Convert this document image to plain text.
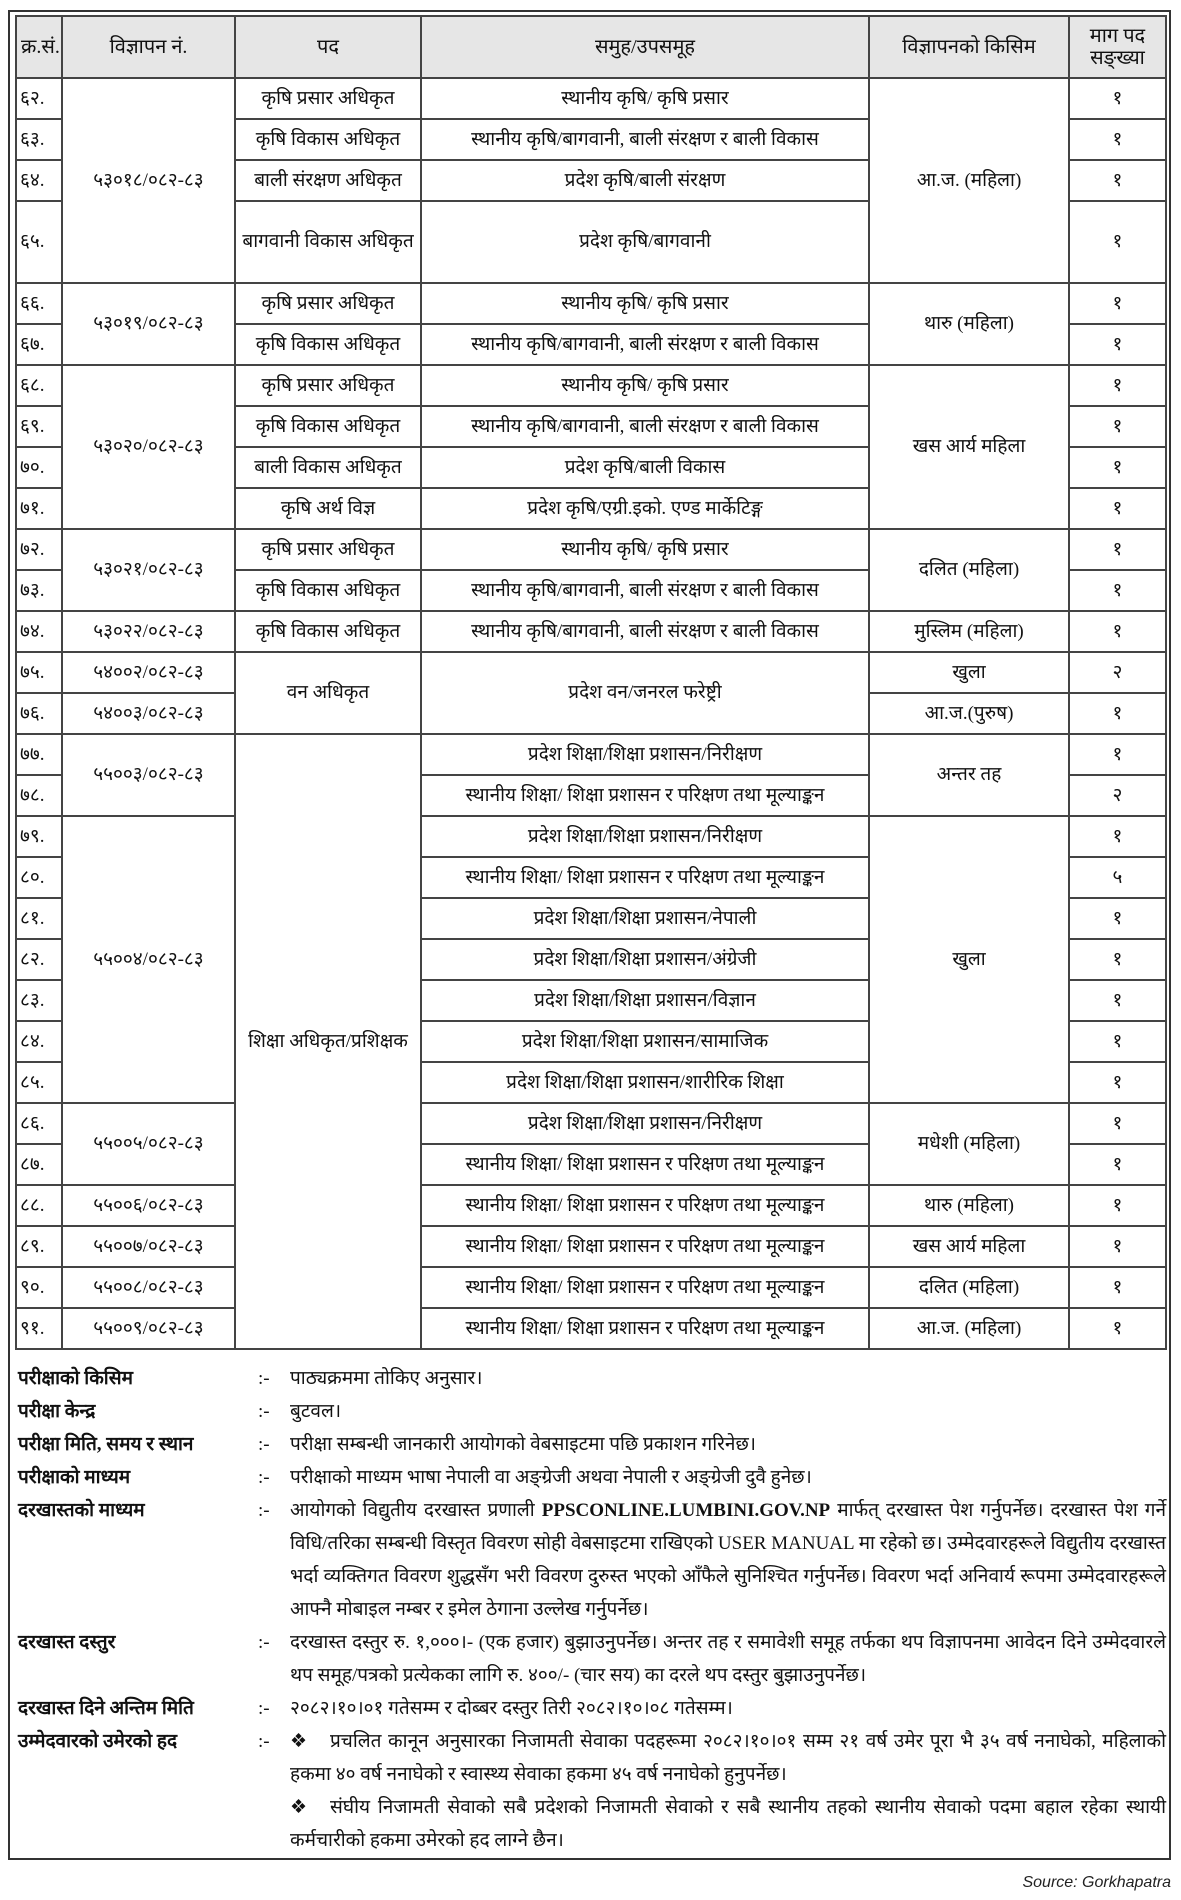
क्र.सं.	विज्ञापन नं.	पद	समुह/उपसमूह	विज्ञापनको किसिम	माग पद सङ्ख्या
६२.	५३०१८/०८२-८३	कृषि प्रसार अधिकृत	स्थानीय कृषि/ कृषि प्रसार	आ.ज. (महिला)	१
६३.		कृषि विकास अधिकृत	स्थानीय कृषि/बागवानी, बाली संरक्षण र बाली विकास		१
६४.		बाली संरक्षण अधिकृत	प्रदेश कृषि/बाली संरक्षण		१
६५.		बागवानी विकास अधिकृत	प्रदेश कृषि/बागवानी		१
६६.	५३०१९/०८२-८३	कृषि प्रसार अधिकृत	स्थानीय कृषि/ कृषि प्रसार	थारु (महिला)	१
६७.		कृषि विकास अधिकृत	स्थानीय कृषि/बागवानी, बाली संरक्षण र बाली विकास		१
६८.	५३०२०/०८२-८३	कृषि प्रसार अधिकृत	स्थानीय कृषि/ कृषि प्रसार	खस आर्य महिला	१
६९.		कृषि विकास अधिकृत	स्थानीय कृषि/बागवानी, बाली संरक्षण र बाली विकास		१
७०.		बाली विकास अधिकृत	प्रदेश कृषि/बाली विकास		१
७१.		कृषि अर्थ विज्ञ	प्रदेश कृषि/एग्री.इको. एण्ड मार्केटिङ्ग		१
७२.	५३०२१/०८२-८३	कृषि प्रसार अधिकृत	स्थानीय कृषि/ कृषि प्रसार	दलित (महिला)	१
७३.		कृषि विकास अधिकृत	स्थानीय कृषि/बागवानी, बाली संरक्षण र बाली विकास		१
७४.	५३०२२/०८२-८३	कृषि विकास अधिकृत	स्थानीय कृषि/बागवानी, बाली संरक्षण र बाली विकास	मुस्लिम (महिला)	१
७५.	५४००२/०८२-८३	वन अधिकृत	प्रदेश वन/जनरल फरेष्ट्री	खुला	२
७६.	५४००३/०८२-८३			आ.ज.(पुरुष)	१
७७.	५५००३/०८२-८३	शिक्षा अधिकृत/प्रशिक्षक	प्रदेश शिक्षा/शिक्षा प्रशासन/निरीक्षण	अन्तर तह	१
७८.			स्थानीय शिक्षा/ शिक्षा प्रशासन र परिक्षण तथा मूल्याङ्कन		२
७९.	५५००४/०८२-८३		प्रदेश शिक्षा/शिक्षा प्रशासन/निरीक्षण	खुला	१
८०.			स्थानीय शिक्षा/ शिक्षा प्रशासन र परिक्षण तथा मूल्याङ्कन		५
८१.			प्रदेश शिक्षा/शिक्षा प्रशासन/नेपाली		१
८२.			प्रदेश शिक्षा/शिक्षा प्रशासन/अंग्रेजी		१
८३.			प्रदेश शिक्षा/शिक्षा प्रशासन/विज्ञान		१
८४.			प्रदेश शिक्षा/शिक्षा प्रशासन/सामाजिक		१
८५.			प्रदेश शिक्षा/शिक्षा प्रशासन/शारीरिक शिक्षा		१
८६.	५५००५/०८२-८३		प्रदेश शिक्षा/शिक्षा प्रशासन/निरीक्षण	मधेशी (महिला)	१
८७.			स्थानीय शिक्षा/ शिक्षा प्रशासन र परिक्षण तथा मूल्याङ्कन		१
८८.	५५००६/०८२-८३		स्थानीय शिक्षा/ शिक्षा प्रशासन र परिक्षण तथा मूल्याङ्कन	थारु (महिला)	१
८९.	५५००७/०८२-८३		स्थानीय शिक्षा/ शिक्षा प्रशासन र परिक्षण तथा मूल्याङ्कन	खस आर्य महिला	१
९०.	५५००८/०८२-८३		स्थानीय शिक्षा/ शिक्षा प्रशासन र परिक्षण तथा मूल्याङ्कन	दलित (महिला)	१
९१.	५५००९/०८२-८३		स्थानीय शिक्षा/ शिक्षा प्रशासन र परिक्षण तथा मूल्याङ्कन	आ.ज. (महिला)	१
परीक्षाको किसिम	:-	पाठ्यक्रममा तोकिए अनुसार।
परीक्षा केन्द्र	:-	बुटवल।
परीक्षा मिति, समय र स्थान	:-	परीक्षा सम्बन्धी जानकारी आयोगको वेबसाइटमा पछि प्रकाशन गरिनेछ।
परीक्षाको माध्यम	:-	परीक्षाको माध्यम भाषा नेपाली वा अङ्ग्रेजी अथवा नेपाली र अङ्ग्रेजी दुवै हुनेछ।
दरखास्तको माध्यम	:-	आयोगको विद्युतीय दरखास्त प्रणाली PPSCONLINE.LUMBINI.GOV.NP मार्फत् दरखास्त पेश गर्नुपर्नेछ। दरखास्त पेश गर्ने विधि/तरिका सम्बन्धी विस्तृत विवरण सोही वेबसाइटमा राखिएको USER MANUAL मा रहेको छ। उम्मेदवारहरूले विद्युतीय दरखास्त भर्दा व्यक्तिगत विवरण शुद्धसँग भरी विवरण दुरुस्त भएको आँफैले सुनिश्चित गर्नुपर्नेछ। विवरण भर्दा अनिवार्य रूपमा उम्मेदवारहरूले आफ्नै मोबाइल नम्बर र इमेल ठेगाना उल्लेख गर्नुपर्नेछ।
दरखास्त दस्तुर	:-	दरखास्त दस्तुर रु. १,०००।- (एक हजार) बुझाउनुपर्नेछ। अन्तर तह र समावेशी समूह तर्फका थप विज्ञापनमा आवेदन दिने उम्मेदवारले थप समूह/पत्रको प्रत्येकका लागि रु. ४००/- (चार सय) का दरले थप दस्तुर बुझाउनुपर्नेछ।
दरखास्त दिने अन्तिम मिति	:-	२०८२।१०।०१ गतेसम्म र दोब्बर दस्तुर तिरी २०८२।१०।०८ गतेसम्म।
उम्मेदवारको उमेरको हद	:-	❖ प्रचलित कानून अनुसारका निजामती सेवाका पदहरूमा २०८२।१०।०१ सम्म २१ वर्ष उमेर पूरा भै ३५ वर्ष ननाघेको, महिलाको हकमा ४० वर्ष ननाघेको र स्वास्थ्य सेवाका हकमा ४५ वर्ष ननाघेको हुनुपर्नेछ।
❖ संघीय निजामती सेवाको सबै प्रदेशको निजामती सेवाको र सबै स्थानीय तहको स्थानीय सेवाको पदमा बहाल रहेका स्थायी कर्मचारीको हकमा उमेरको हद लाग्ने छैन।
Source: Gorkhapatra
